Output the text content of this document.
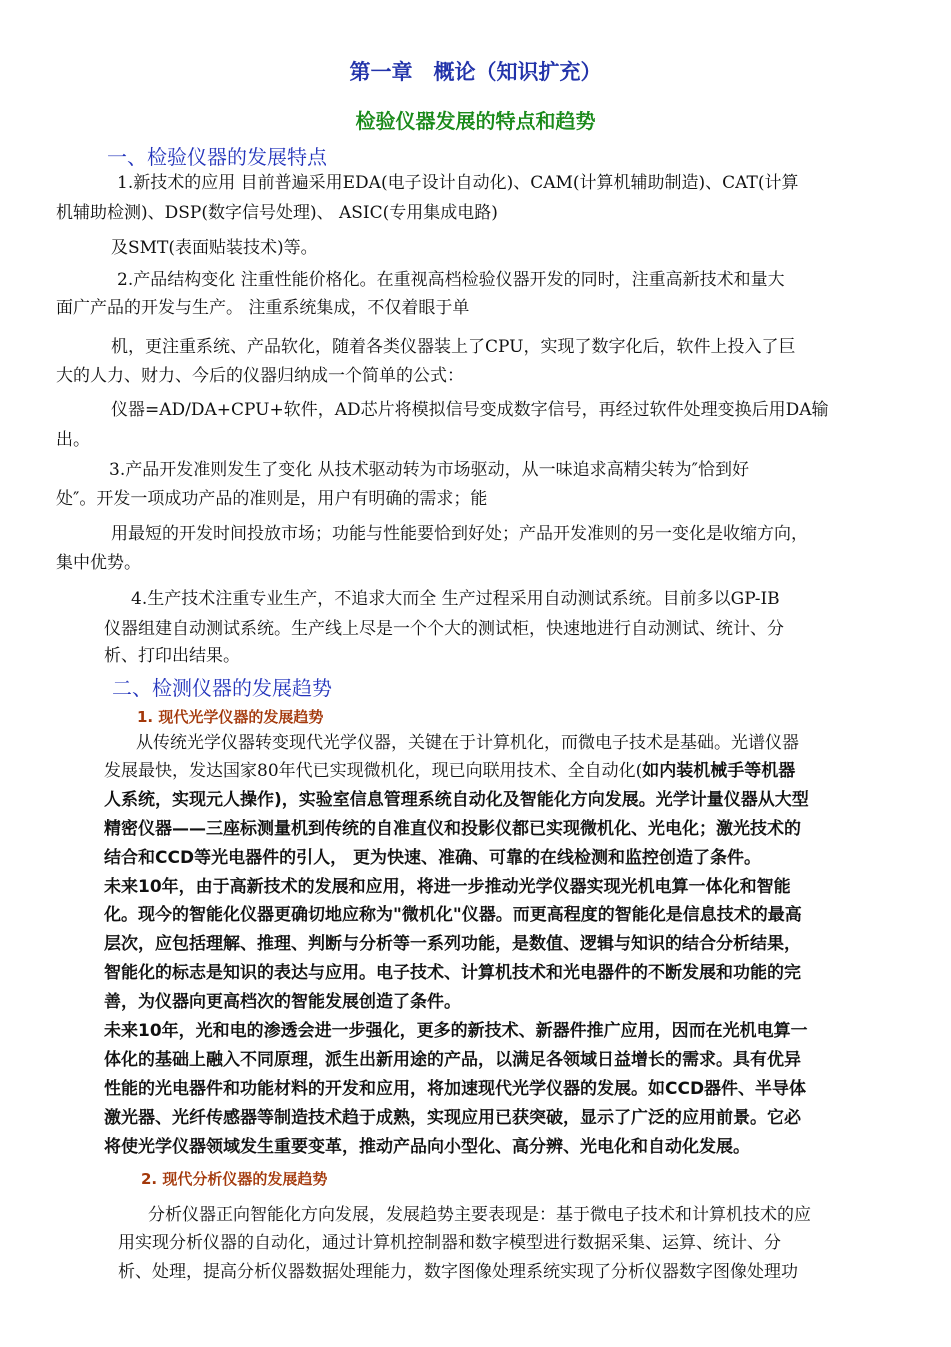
第一章　概论（知识扩充）
检验仪器发展的特点和趋势
一、检验仪器的发展特点
1.新技术的应用 目前普遍采用EDA(电子设计自动化)、CAM(计算机辅助制造)、CAT(计算
机辅助检测)、DSP(数字信号处理)、 ASIC(专用集成电路)
及SMT(表面贴装技术)等。
2.产品结构变化 注重性能价格化。在重视高档检验仪器开发的同时，注重高新技术和量大
面广产品的开发与生产。 注重系统集成，不仅着眼于单
机，更注重系统、产品软化，随着各类仪器装上了CPU，实现了数字化后，软件上投入了巨
大的人力、财力、今后的仪器归纳成一个简单的公式：
仪器=AD/DA+CPU+软件，AD芯片将模拟信号变成数字信号，再经过软件处理变换后用DA输
出。
3.产品开发准则发生了变化 从技术驱动转为市场驱动，从一味追求高精尖转为″恰到好
处″。开发一项成功产品的准则是，用户有明确的需求；能
用最短的开发时间投放市场；功能与性能要恰到好处；产品开发准则的另一变化是收缩方向，
集中优势。
4.生产技术注重专业生产，不追求大而全 生产过程采用自动测试系统。目前多以GP-IB
仪器组建自动测试系统。生产线上尽是一个个大的测试柜，快速地进行自动测试、统计、分
析、打印出结果。
二、检测仪器的发展趋势
1. 现代光学仪器的发展趋势
从传统光学仪器转变现代光学仪器，关键在于计算机化，而微电子技术是基础。光谱仪器
发展最快，发达国家80年代已实现微机化，现已向联用技术、全自动化(如内装机械手等机器
人系统，实现元人操作)，实验室信息管理系统自动化及智能化方向发展。光学计量仪器从大型
精密仪器——三座标测量机到传统的自准直仪和投影仪都已实现微机化、光电化；激光技术的
结合和CCD等光电器件的引人， 更为快速、准确、可靠的在线检测和监控创造了条件。
未来10年，由于高新技术的发展和应用，将进一步推动光学仪器实现光机电算一体化和智能
化。现今的智能化仪器更确切地应称为"微机化"仪器。而更高程度的智能化是信息技术的最高
层次，应包括理解、推理、判断与分析等一系列功能，是数值、逻辑与知识的结合分析结果，
智能化的标志是知识的表达与应用。电子技术、计算机技术和光电器件的不断发展和功能的完
善，为仪器向更高档次的智能发展创造了条件。
未来10年，光和电的渗透会进一步强化，更多的新技术、新器件推广应用，因而在光机电算一
体化的基础上融入不同原理，派生出新用途的产品，以满足各领域日益增长的需求。具有优异
性能的光电器件和功能材料的开发和应用，将加速现代光学仪器的发展。如CCD器件、半导体
激光器、光纤传感器等制造技术趋于成熟，实现应用已获突破，显示了广泛的应用前景。它必
将使光学仪器领域发生重要变革，推动产品向小型化、高分辨、光电化和自动化发展。
2. 现代分析仪器的发展趋势
分析仪器正向智能化方向发展，发展趋势主要表现是：基于微电子技术和计算机技术的应
用实现分析仪器的自动化，通过计算机控制器和数字模型进行数据采集、运算、统计、分
析、处理，提高分析仪器数据处理能力，数字图像处理系统实现了分析仪器数字图像处理功
